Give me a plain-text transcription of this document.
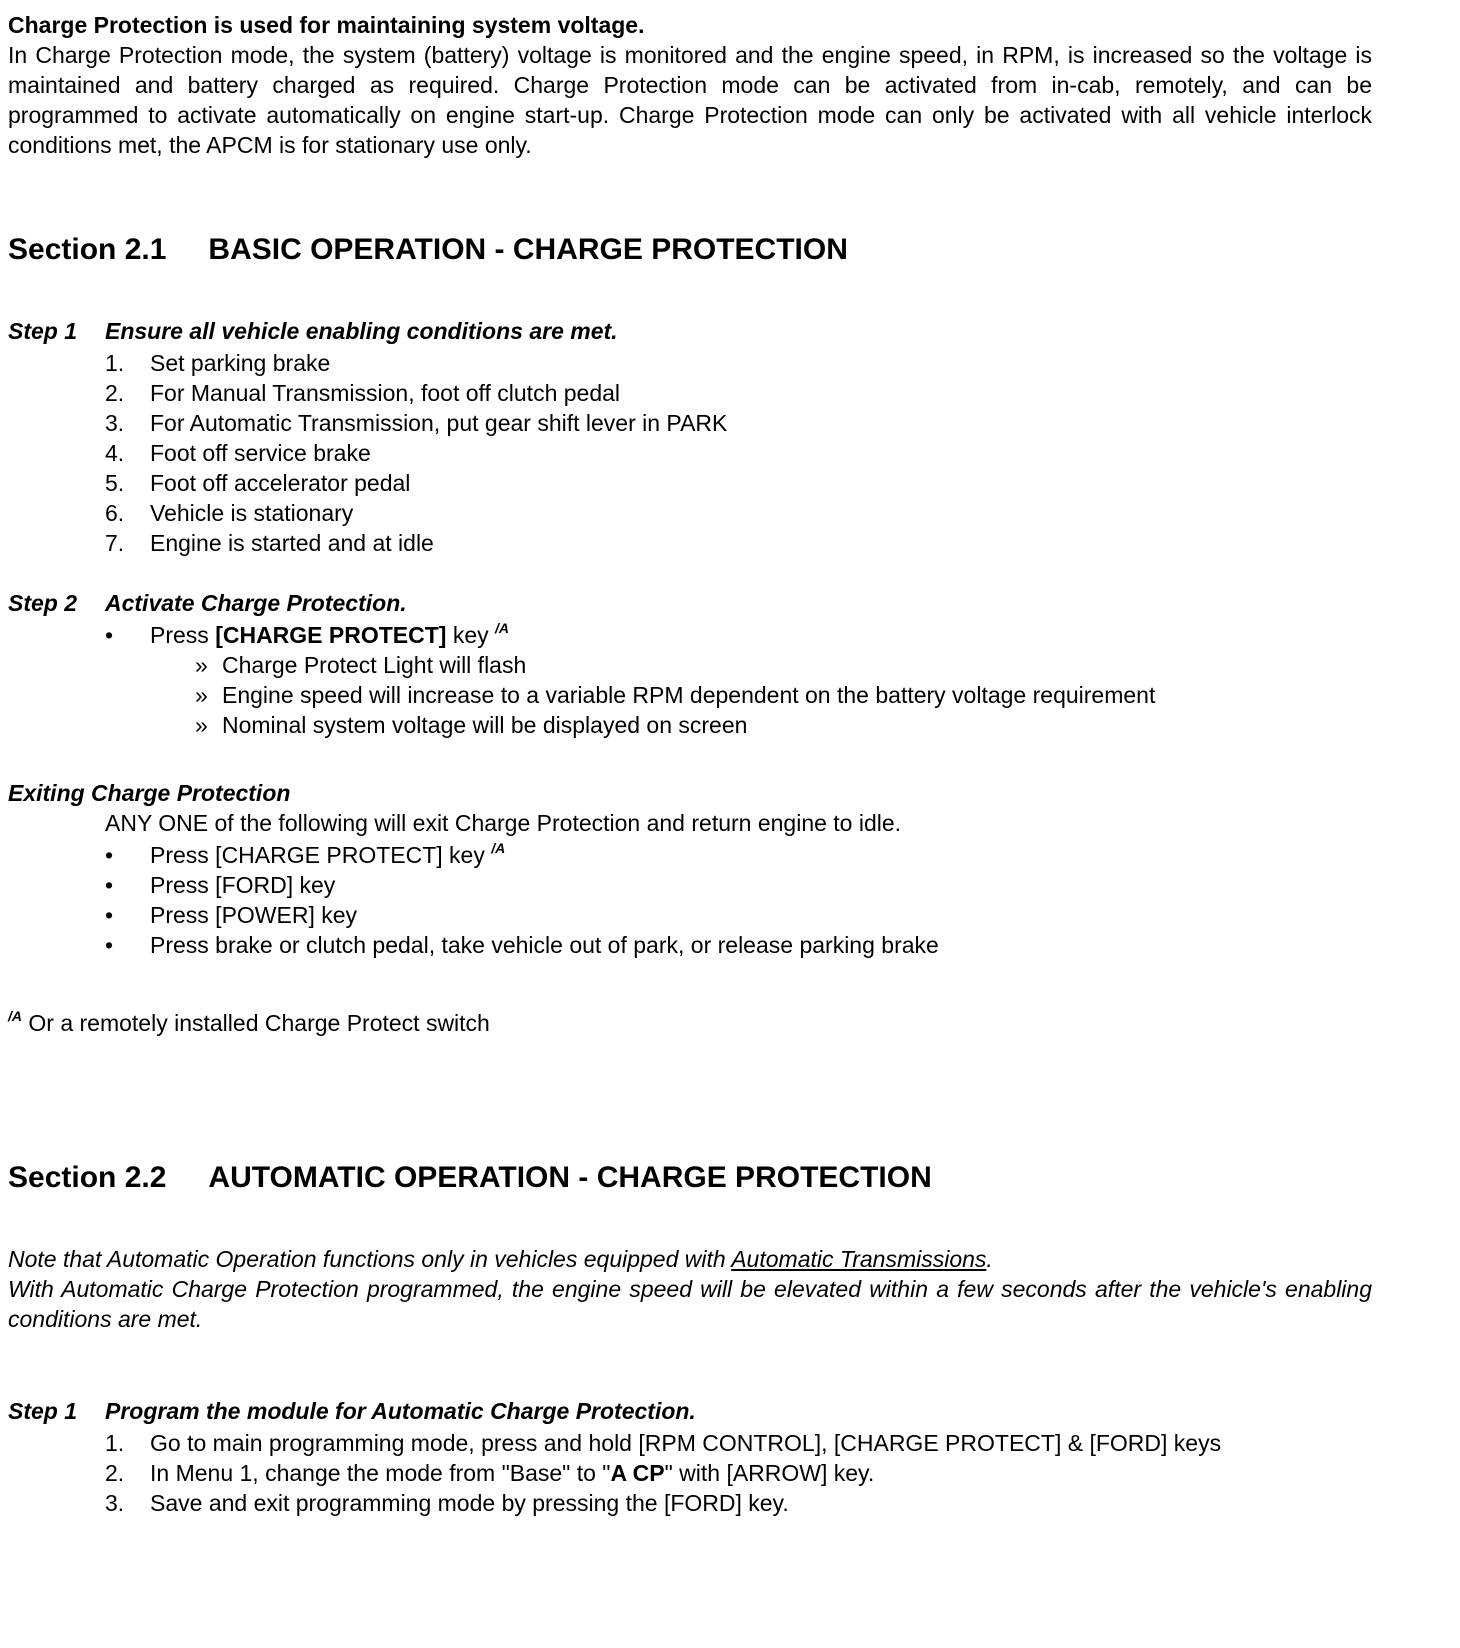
Charge Protection is used for maintaining system voltage.

In Charge Protection mode, the system (battery) voltage is monitored and the engine speed, in RPM, is increased so the voltage is maintained and battery charged as required. Charge Protection mode can be activated from in-cab, remotely, and can be programmed to activate automatically on engine start-up. Charge Protection mode can only be activated with all vehicle interlock conditions met, the APCM is for stationary use only.

Section 2.1 BASIC OPERATION - CHARGE PROTECTION
Step 1	Ensure all vehicle enabling conditions are met.
1.	Set parking brake
2.	For Manual Transmission, foot off clutch pedal
3.	For Automatic Transmission, put gear shift lever in PARK
4.	Foot off service brake
5.	Foot off accelerator pedal
6.	Vehicle is stationary
7.	Engine is started and at idle
Step 2	Activate Charge Protection.
•	Press [CHARGE PROTECT] key $^{/A}$
» Charge Protect Light will flash
» Engine speed will increase to a variable RPM dependent on the battery voltage requirement
» Nominal system voltage will be displayed on screen

Exiting Charge Protection

ANY ONE of the following will exit Charge Protection and return engine to idle.

•	Press [CHARGE PROTECT] key $^{/A}$
•	Press [FORD] key
•	Press [POWER] key
•	Press brake or clutch pedal, take vehicle out of park, or release parking brake

$^{/A}$ Or a remotely installed Charge Protect switch

Section 2.2 AUTOMATIC OPERATION - CHARGE PROTECTION

Note that Automatic Operation functions only in vehicles equipped with Automatic Transmissions.

With Automatic Charge Protection programmed, the engine speed will be elevated within a few seconds after the vehicle's enabling conditions are met.

Step 1	Program the module for Automatic Charge Protection.
1.	Go to main programming mode, press and hold [RPM CONTROL], [CHARGE PROTECT] & [FORD] keys
2.	In Menu 1, change the mode from "Base" to "A CP" with [ARROW] key.
3.	Save and exit programming mode by pressing the [FORD] key.
